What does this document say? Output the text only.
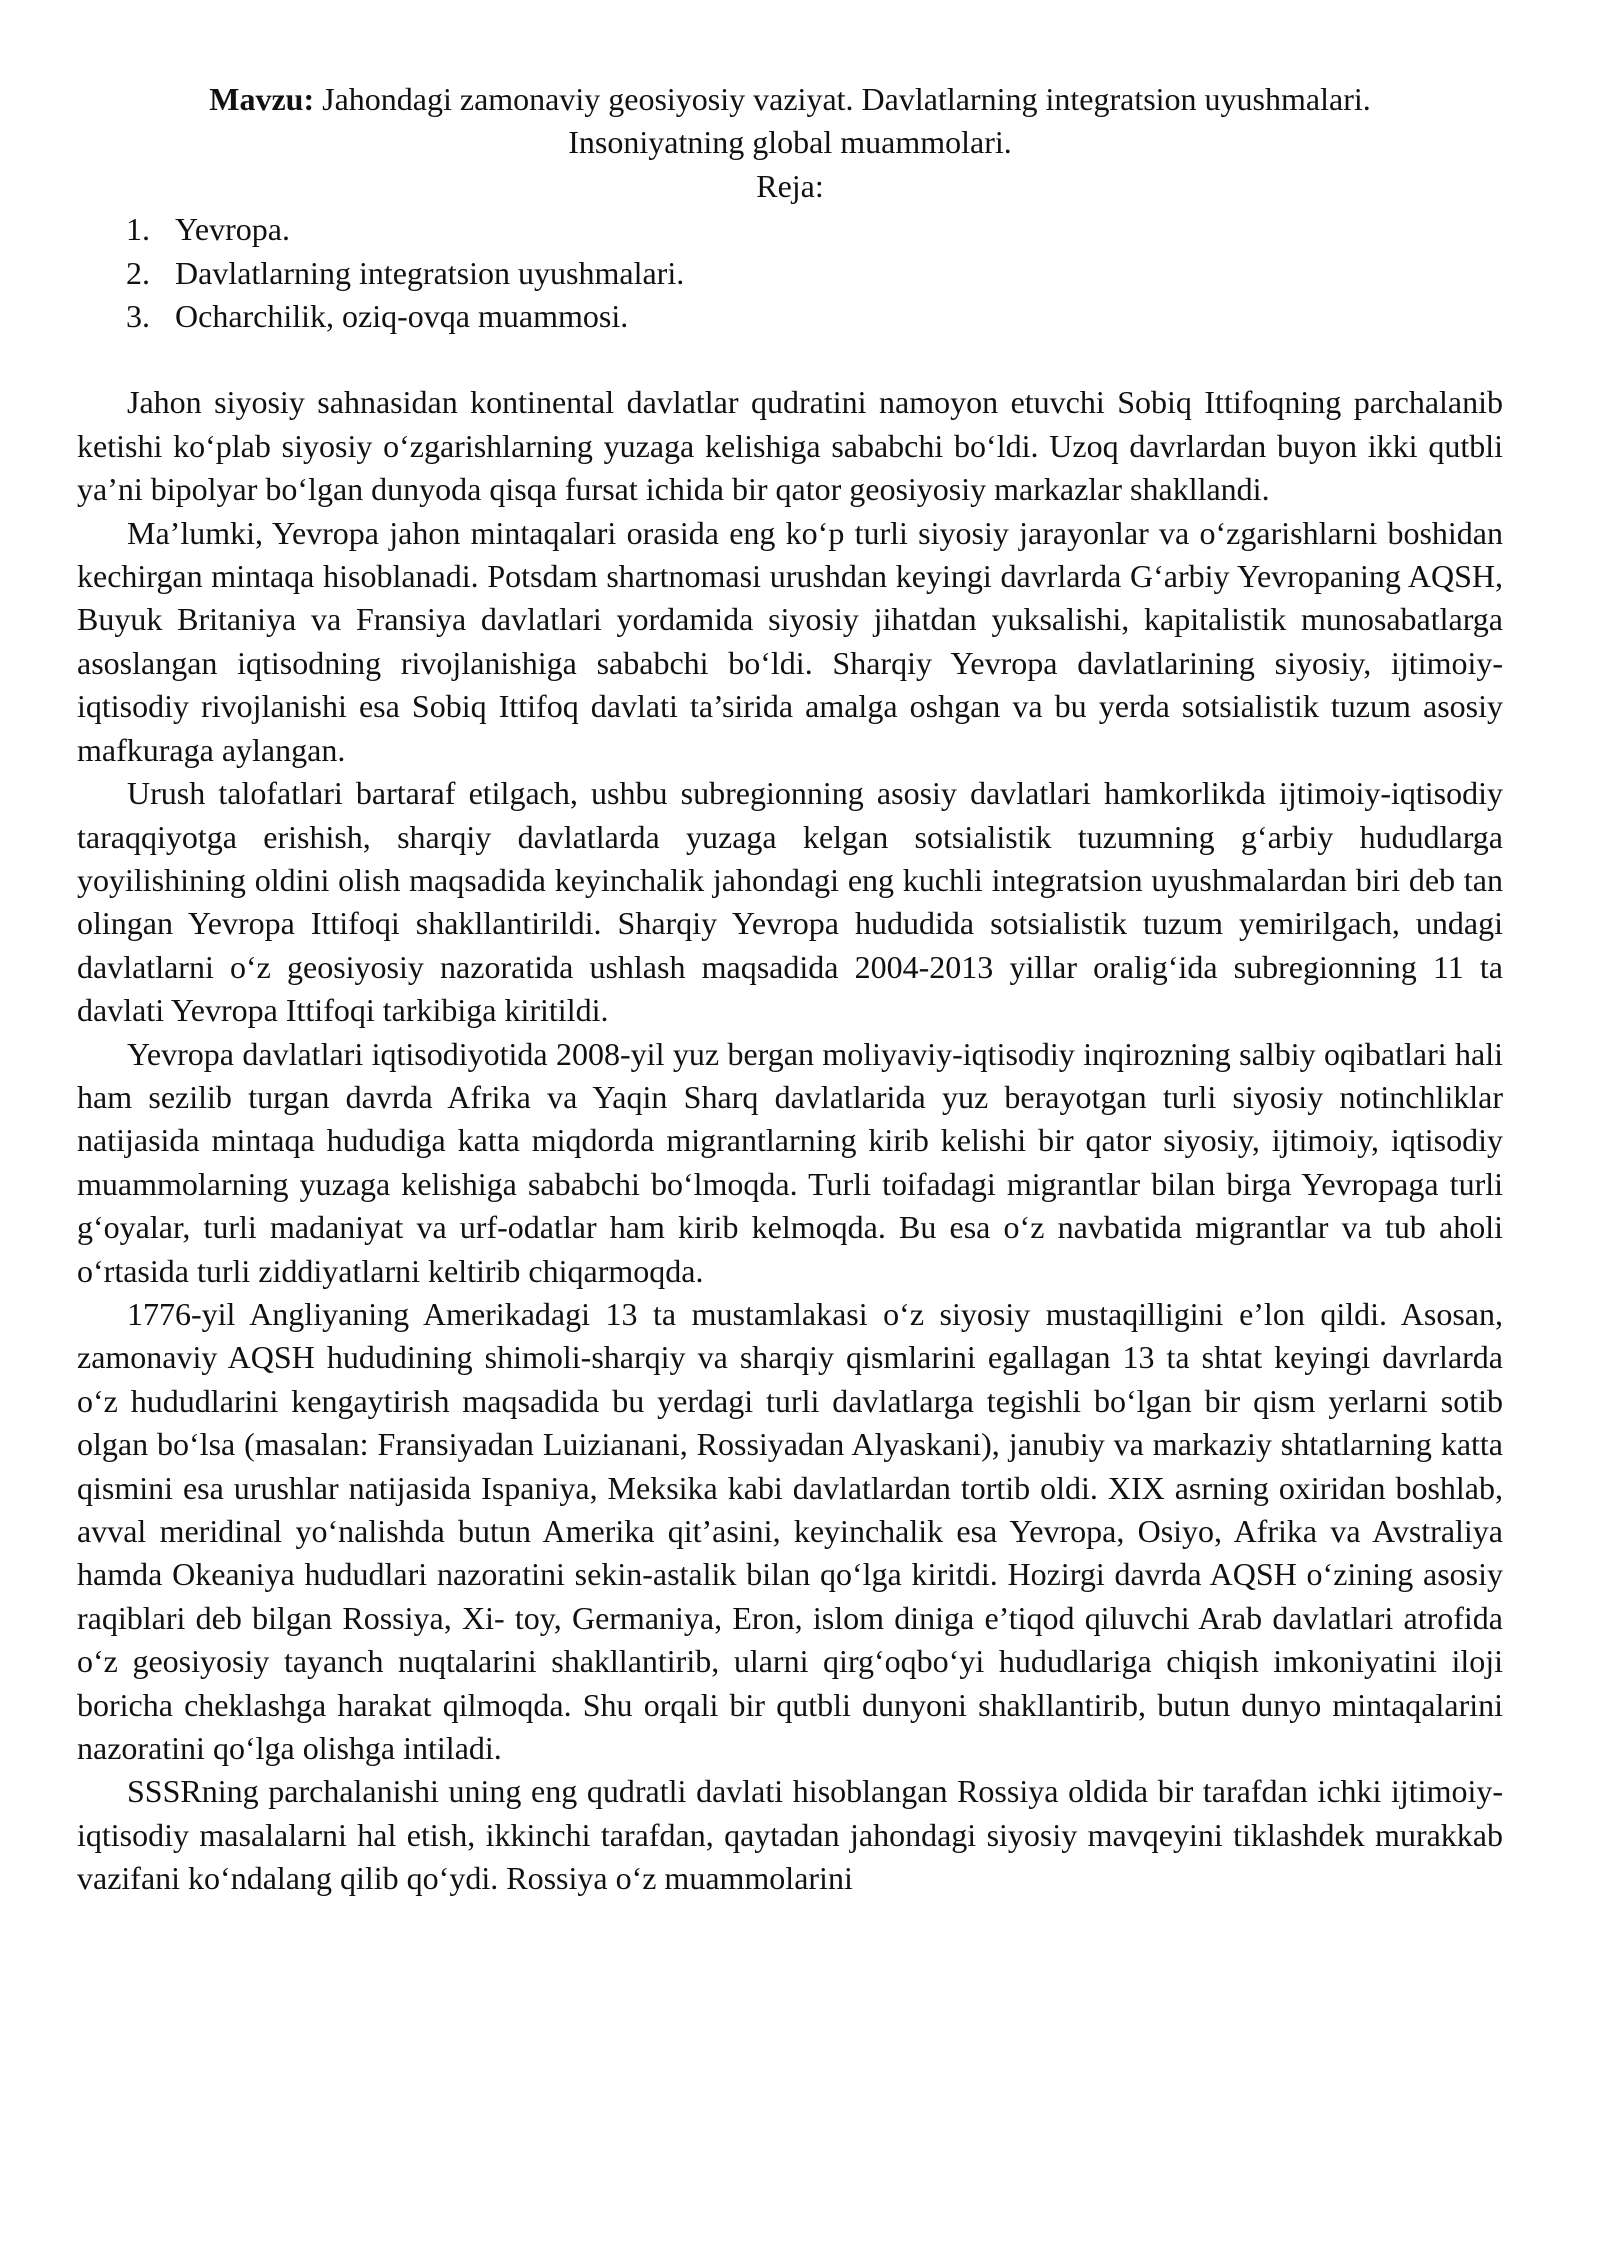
Mavzu: Jahondagi zamonaviy geosiyosiy vaziyat. Davlatlarning integratsion uyushmalari.
Insoniyatning global muammolari.
Reja:
1. Yevropa.
2. Davlatlarning integratsion uyushmalari.
3. Ocharchilik, oziq-ovqa muammosi.

Jahon siyosiy sahnasidan kontinental davlatlar qudratini namoyon etuvchi Sobiq Ittifoqning parchalanib ketishi ko‘plab siyosiy o‘zgarishlarning yuzaga kelishiga sababchi bo‘ldi. Uzoq davrlardan buyon ikki qutbli ya’ni bipolyar bo‘lgan dunyoda qisqa fursat ichida bir qator geosiyosiy markazlar shakllandi.

Ma’lumki, Yevropa jahon mintaqalari orasida eng ko‘p turli siyosiy jarayonlar va o‘zgarishlarni boshidan kechirgan mintaqa hisoblanadi. Potsdam shartnomasi urushdan keyingi davrlarda G‘arbiy Yevropaning AQSH, Buyuk Britaniya va Fransiya davlatlari yordamida siyosiy jihatdan yuksalishi, kapitalistik munosabatlarga asoslangan iqtisodning rivojlanishiga sababchi bo‘ldi. Sharqiy Yevropa davlatlarining siyosiy, ijtimoiy-iqtisodiy rivojlanishi esa Sobiq Ittifoq davlati ta’sirida amalga oshgan va bu yerda sotsialistik tuzum asosiy mafkuraga aylangan.

Urush talofatlari bartaraf etilgach, ushbu subregionning asosiy davlatlari hamkorlikda ijtimoiy-iqtisodiy taraqqiyotga erishish, sharqiy davlatlarda yuzaga kelgan sotsialistik tuzumning g‘arbiy hududlarga yoyilishining oldini olish maqsadida keyinchalik jahondagi eng kuchli integratsion uyushmalardan biri deb tan olingan Yevropa Ittifoqi shakllantirildi. Sharqiy Yevropa hududida sotsialistik tuzum yemirilgach, undagi davlatlarni o‘z geosiyosiy nazoratida ushlash maqsadida 2004-2013 yillar oralig‘ida subregionning 11 ta davlati Yevropa Ittifoqi tarkibiga kiritildi.

Yevropa davlatlari iqtisodiyotida 2008-yil yuz bergan moliyaviy-iqtisodiy inqirozning salbiy oqibatlari hali ham sezilib turgan davrda Afrika va Yaqin Sharq davlatlarida yuz berayotgan turli siyosiy notinchliklar natijasida mintaqa hududiga katta miqdorda migrantlarning kirib kelishi bir qator siyosiy, ijtimoiy, iqtisodiy muammolarning yuzaga kelishiga sababchi bo‘lmoqda. Turli toifadagi migrantlar bilan birga Yevropaga turli g‘oyalar, turli madaniyat va urf-odatlar ham kirib kelmoqda. Bu esa o‘z navbatida migrantlar va tub aholi o‘rtasida turli ziddiyatlarni keltirib chiqarmoqda.

1776-yil Angliyaning Amerikadagi 13 ta mustamlakasi o‘z siyosiy mustaqilligini e’lon qildi. Asosan, zamonaviy AQSH hududining shimoli-sharqiy va sharqiy qismlarini egallagan 13 ta shtat keyingi davrlarda o‘z hududlarini kengaytirish maqsadida bu yerdagi turli davlatlarga tegishli bo‘lgan bir qism yerlarni sotib olgan bo‘lsa (masalan: Fransiyadan Luizianani, Rossiyadan Alyaskani), janubiy va markaziy shtatlarning katta qismini esa urushlar natijasida Ispaniya, Meksika kabi davlatlardan tortib oldi. XIX asrning oxiridan boshlab, avval meridinal yo‘nalishda butun Amerika qit’asini, keyinchalik esa Yevropa, Osiyo, Afrika va Avstraliya hamda Okeaniya hududlari nazoratini sekin-astalik bilan qo‘lga kiritdi. Hozirgi davrda AQSH o‘zining asosiy raqiblari deb bilgan Rossiya, Xi- toy, Germaniya, Eron, islom diniga e’tiqod qiluvchi Arab davlatlari atrofida o‘z geosiyosiy tayanch nuqtalarini shakllantirib, ularni qirg‘oqbo‘yi hududlariga chiqish imkoniyatini iloji boricha cheklashga harakat qilmoqda. Shu orqali bir qutbli dunyoni shakllantirib, butun dunyo mintaqalarini nazoratini qo‘lga olishga intiladi.

SSSRning parchalanishi uning eng qudratli davlati hisoblangan Rossiya oldida bir tarafdan ichki ijtimoiy-iqtisodiy masalalarni hal etish, ikkinchi tarafdan, qaytadan jahondagi siyosiy mavqeyini tiklashdek murakkab vazifani ko‘ndalang qilib qo‘ydi. Rossiya o‘z muammolarini
